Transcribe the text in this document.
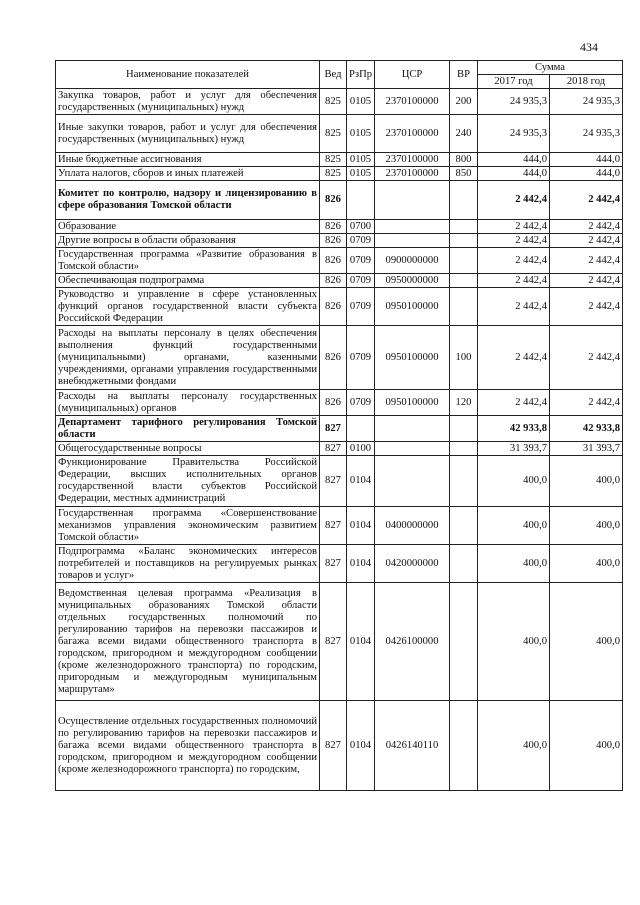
434
Наименование показателей	Вед	РзПр	ЦСР	ВР	Сумма	
					2017 год	2018 год
Закупка товаров, работ и услуг для обеспечения государственных (муниципальных) нужд	825	0105	2370100000	200	24 935,3	24 935,3
Иные закупки товаров, работ и услуг для обеспечения государственных (муниципальных) нужд	825	0105	2370100000	240	24 935,3	24 935,3
Иные бюджетные ассигнования	825	0105	2370100000	800	444,0	444,0
Уплата налогов, сборов и иных платежей	825	0105	2370100000	850	444,0	444,0
Комитет по контролю, надзору и лицензированию в сфере образования Томской области	826				2 442,4	2 442,4
Образование	826	0700			2 442,4	2 442,4
Другие вопросы в области образования	826	0709			2 442,4	2 442,4
Государственная программа «Развитие образования в Томской области»	826	0709	0900000000		2 442,4	2 442,4
Обеспечивающая подпрограмма	826	0709	0950000000		2 442,4	2 442,4
Руководство и управление в сфере установленных функций органов государственной власти субъекта Российской Федерации	826	0709	0950100000		2 442,4	2 442,4
Расходы на выплаты персоналу в целях обеспечения выполнения функций государственными (муниципальными) органами, казенными учреждениями, органами управления государственными внебюджетными фондами	826	0709	0950100000	100	2 442,4	2 442,4
Расходы на выплаты персоналу государственных (муниципальных) органов	826	0709	0950100000	120	2 442,4	2 442,4
Департамент тарифного регулирования Томской области	827				42 933,8	42 933,8
Общегосударственные вопросы	827	0100			31 393,7	31 393,7
Функционирование Правительства Российской Федерации, высших исполнительных органов государственной власти субъектов Российской Федерации, местных администраций	827	0104			400,0	400,0
Государственная программа «Совершенствование механизмов управления экономическим развитием Томской области»	827	0104	0400000000		400,0	400,0
Подпрограмма «Баланс экономических интересов потребителей и поставщиков на регулируемых рынках товаров и услуг»	827	0104	0420000000		400,0	400,0
Ведомственная целевая программа «Реализация в муниципальных образованиях Томской области отдельных государственных полномочий по регулированию тарифов на перевозки пассажиров и багажа всеми видами общественного транспорта в городском, пригородном и междугородном сообщении (кроме железнодорожного транспорта) по городским, пригородным и междугородным муниципальным маршрутам»	827	0104	0426100000		400,0	400,0
Осуществление отдельных государственных полномочий по регулированию тарифов на перевозки пассажиров и багажа всеми видами общественного транспорта в городском, пригородном и междугородном сообщении (кроме железнодорожного транспорта) по городским,	827	0104	0426140110		400,0	400,0
